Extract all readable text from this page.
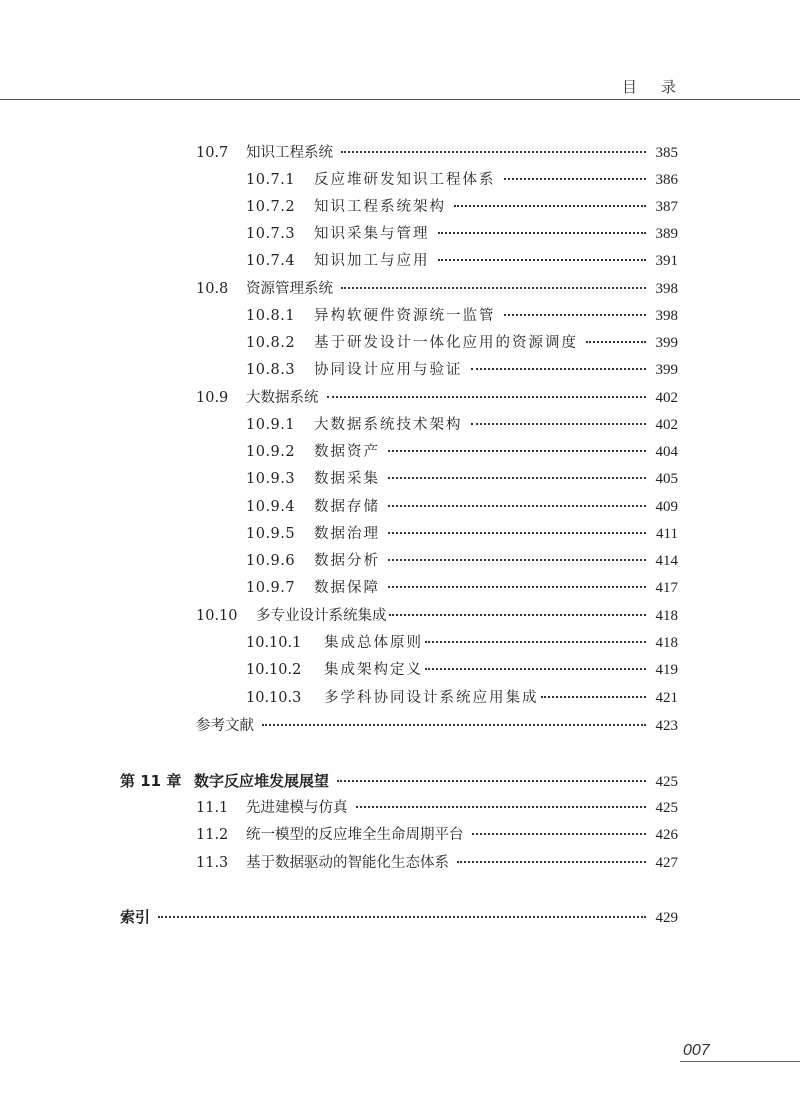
目录
10.7	知识工程系统	385
10.7.1	反应堆研发知识工程体系	386
10.7.2	知识工程系统架构	387
10.7.3	知识采集与管理	389
10.7.4	知识加工与应用	391
10.8	资源管理系统	398
10.8.1	异构软硬件资源统一监管	398
10.8.2	基于研发设计一体化应用的资源调度	399
10.8.3	协同设计应用与验证	399
10.9	大数据系统	402
10.9.1	大数据系统技术架构	402
10.9.2	数据资产	404
10.9.3	数据采集	405
10.9.4	数据存储	409
10.9.5	数据治理	411
10.9.6	数据分析	414
10.9.7	数据保障	417
10.10	多专业设计系统集成	418
10.10.1	集成总体原则	418
10.10.2	集成架构定义	419
10.10.3	多学科协同设计系统应用集成	421
参考文献	423
第 11 章 数字反应堆发展展望	425
11.1	先进建模与仿真	425
11.2	统一模型的反应堆全生命周期平台	426
11.3	基于数据驱动的智能化生态体系	427
索引	429
007
